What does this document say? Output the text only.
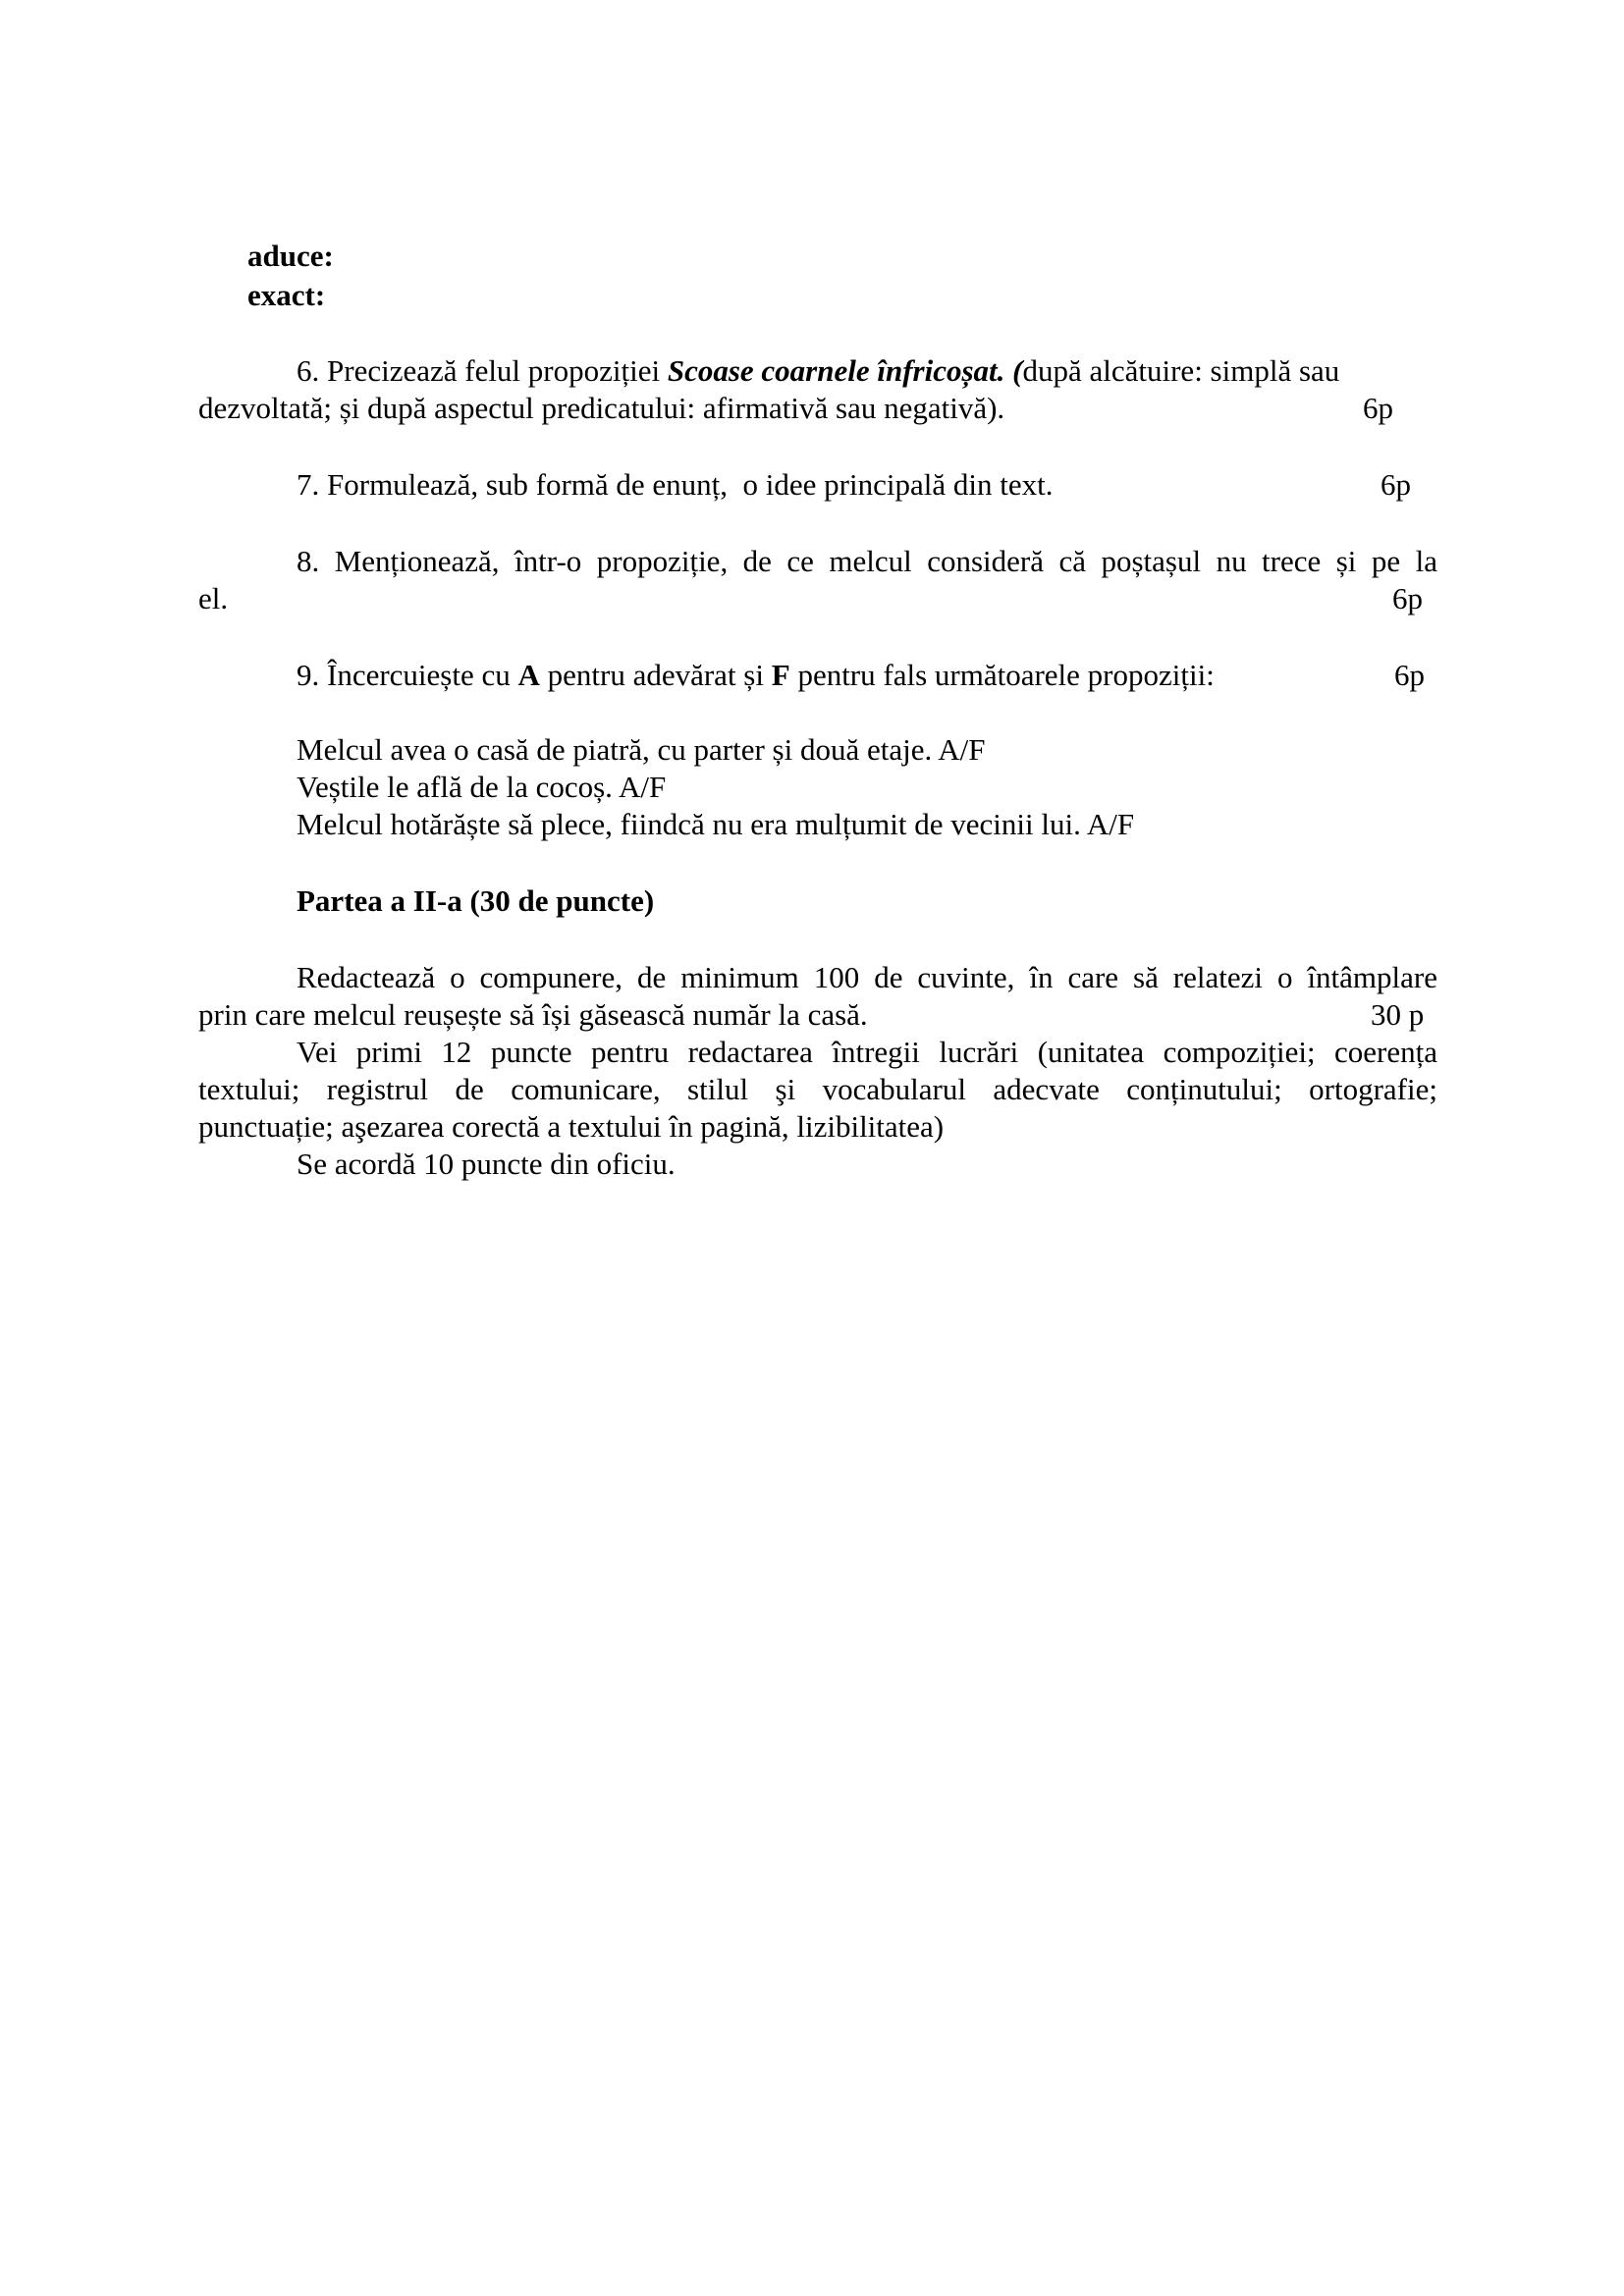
aduce:
exact:
6. Precizează felul propoziției Scoase coarnele înfricoșat. (după alcătuire: simplă sau
dezvoltată; și după aspectul predicatului: afirmativă sau negativă).	6p
7. Formulează, sub formă de enunț,  o idee principală din text.	6p
8. Menționează, într-o propoziție, de ce melcul consideră că poștașul nu trece și pe la
el.	6p
9. Încercuiește cu A pentru adevărat și F pentru fals următoarele propoziții:	6p
Melcul avea o casă de piatră, cu parter și două etaje. A/F
Veștile le află de la cocoș. A/F
Melcul hotărăște să plece, fiindcă nu era mulțumit de vecinii lui. A/F
Partea a II-a (30 de puncte)
Redactează o compunere, de minimum 100 de cuvinte, în care să relatezi o întâmplare
prin care melcul reușește să își găsească număr la casă.	30 p
Vei primi 12 puncte pentru redactarea întregii lucrări (unitatea compoziției; coerența
textului; registrul de comunicare, stilul şi vocabularul adecvate conținutului; ortografie;
punctuație; aşezarea corectă a textului în pagină, lizibilitatea)
Se acordă 10 puncte din oficiu.
